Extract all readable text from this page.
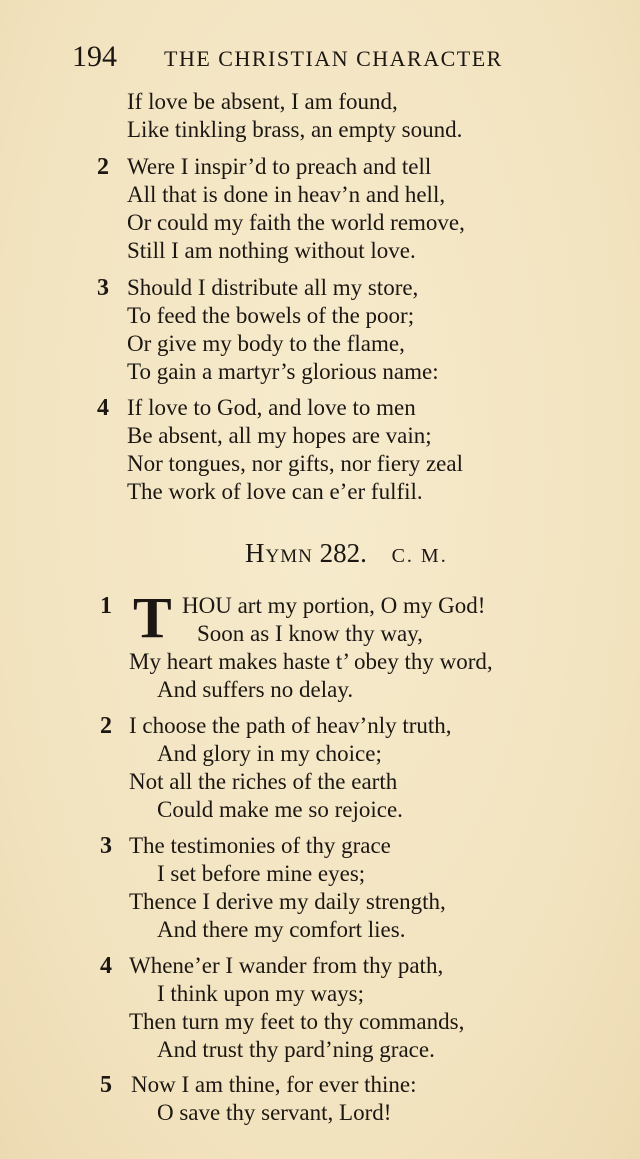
194 THE CHRISTIAN CHARACTER
If love be absent, I am found,
Like tinkling brass, an empty sound.
2 Were I inspir’d to preach and tell
All that is done in heav’n and hell,
Or could my faith the world remove,
Still I am nothing without love.
3 Should I distribute all my store,
To feed the bowels of the poor;
Or give my body to the flame,
To gain a martyr’s glorious name:
4 If love to God, and love to men
Be absent, all my hopes are vain;
Nor tongues, nor gifts, nor fiery zeal
The work of love can e’er fulfil.
Hymn 282. C. M.
1 T HOU art my portion, O my God!
Soon as I know thy way,
My heart makes haste t’ obey thy word,
And suffers no delay.
2 I choose the path of heav’nly truth,
And glory in my choice;
Not all the riches of the earth
Could make me so rejoice.
3 The testimonies of thy grace
I set before mine eyes;
Thence I derive my daily strength,
And there my comfort lies.
4 Whene’er I wander from thy path,
I think upon my ways;
Then turn my feet to thy commands,
And trust thy pard’ning grace.
5 Now I am thine, for ever thine:
O save thy servant, Lord!
